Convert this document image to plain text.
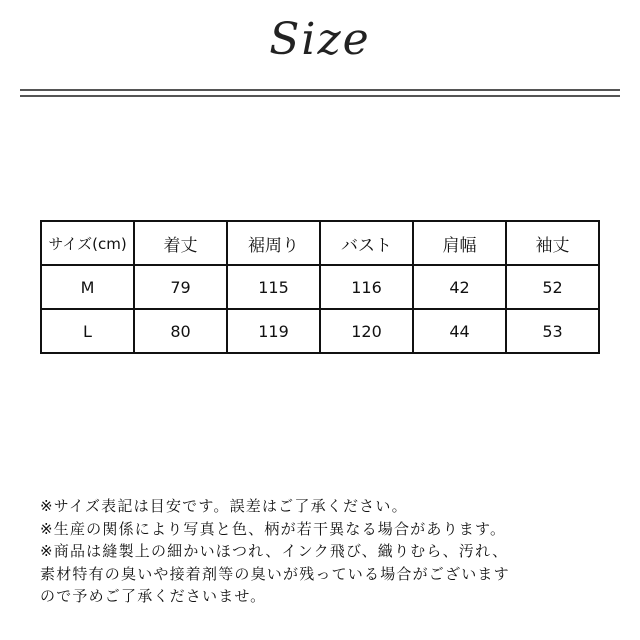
Size
サイズ(cm)	着丈	裾周り	バスト	肩幅	袖丈
M	79	115	116	42	52
L	80	119	120	44	53
※サイズ表記は目安です。誤差はご了承ください。
※生産の関係により写真と色、柄が若干異なる場合があります。
※商品は縫製上の細かいほつれ、インク飛び、織りむら、汚れ、
素材特有の臭いや接着剤等の臭いが残っている場合がございます
ので予めご了承くださいませ。
